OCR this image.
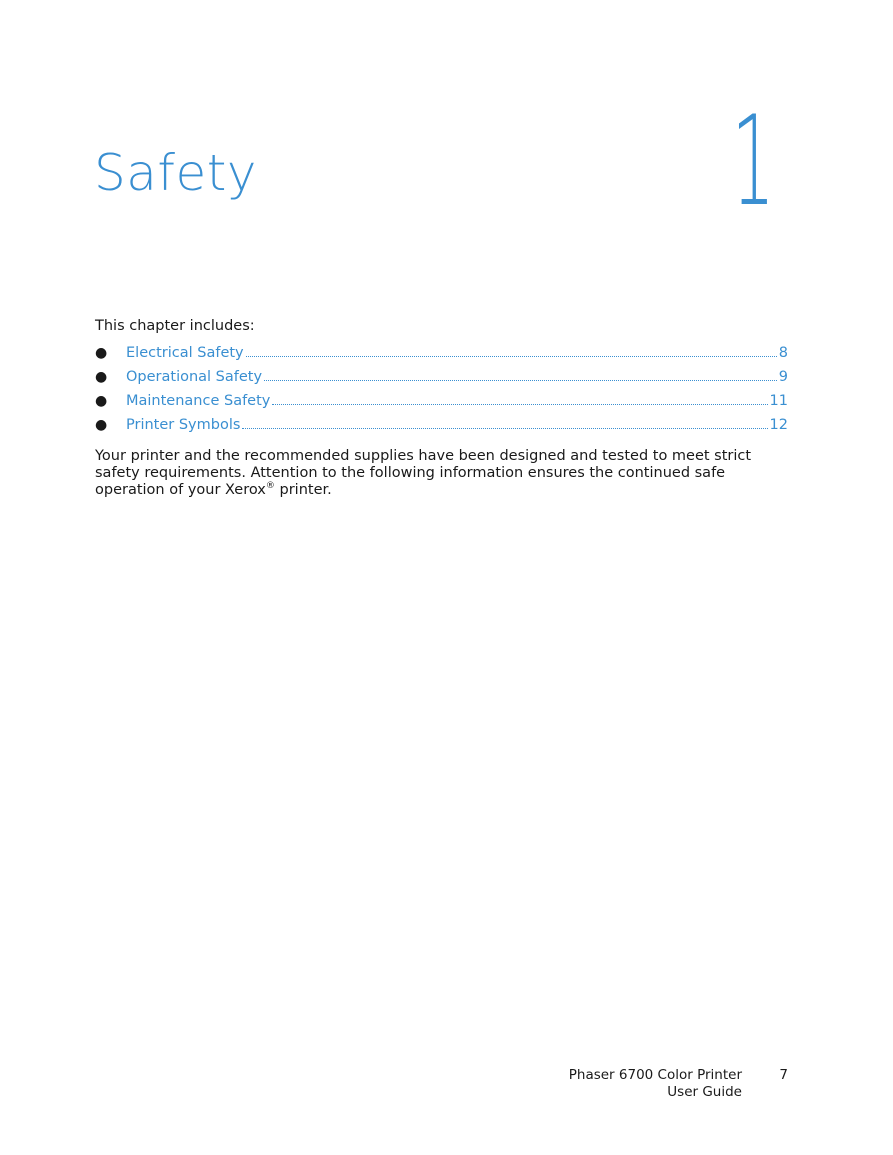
Safety	1

This chapter includes:

●	Electrical Safety	8
●	Operational Safety	9
●	Maintenance Safety	11
●	Printer Symbols	12

Your printer and the recommended supplies have been designed and tested to meet strict safety requirements. Attention to the following information ensures the continued safe operation of your Xerox® printer.

Phaser 6700 Color Printer
User Guide
7
